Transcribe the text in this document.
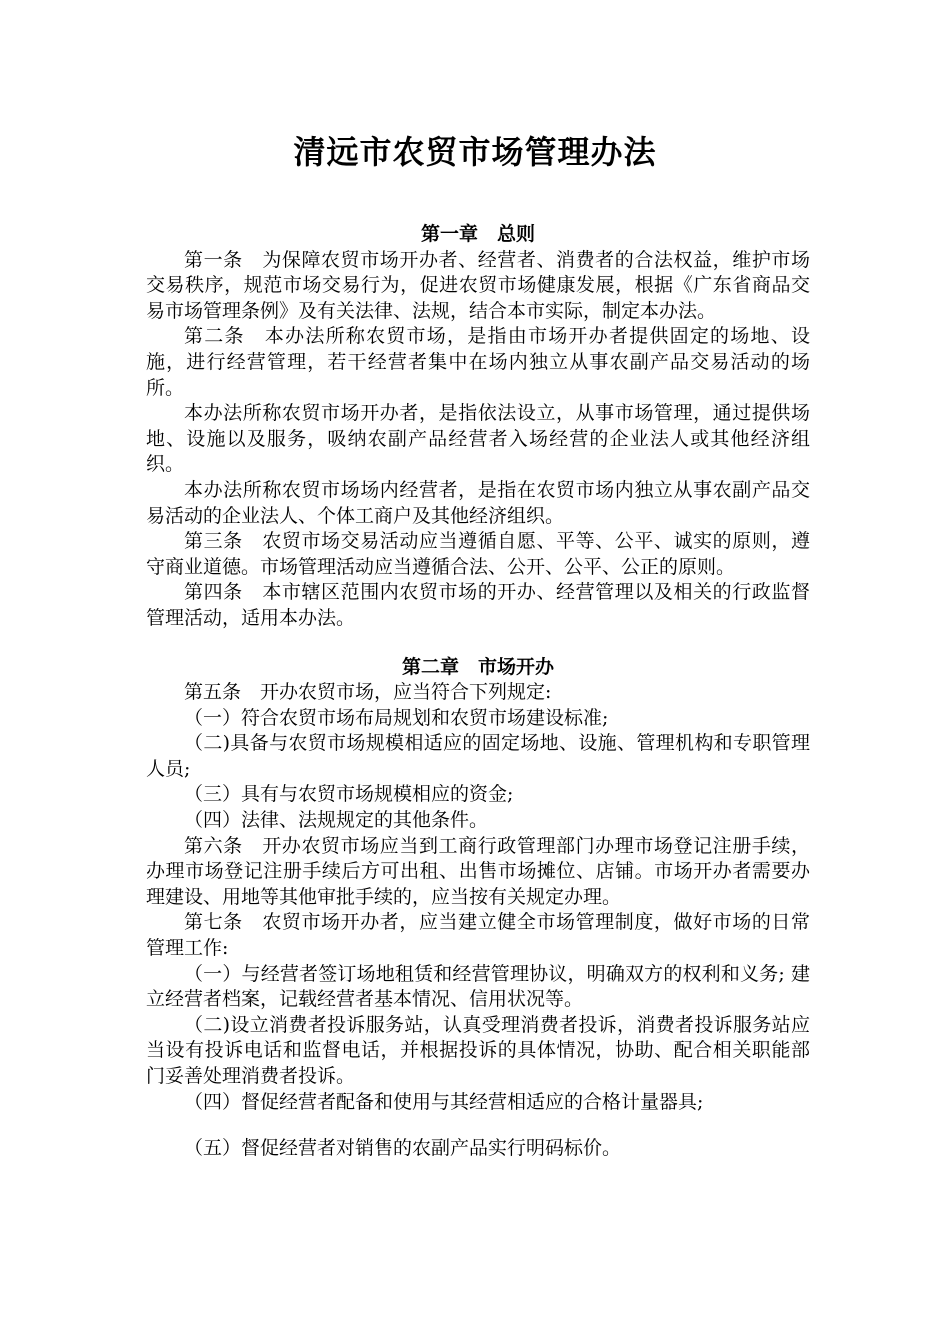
清远市农贸市场管理办法
第一章　总则

第一条　为保障农贸市场开办者、经营者、消费者的合法权益，维护市场交易秩序，规范市场交易行为，促进农贸市场健康发展，根据《广东省商品交易市场管理条例》及有关法律、法规，结合本市实际，制定本办法。

第二条　本办法所称农贸市场，是指由市场开办者提供固定的场地、设施，进行经营管理，若干经营者集中在场内独立从事农副产品交易活动的场所。

本办法所称农贸市场开办者，是指依法设立，从事市场管理，通过提供场地、设施以及服务，吸纳农副产品经营者入场经营的企业法人或其他经济组织。

本办法所称农贸市场场内经营者，是指在农贸市场内独立从事农副产品交易活动的企业法人、个体工商户及其他经济组织。

第三条　农贸市场交易活动应当遵循自愿、平等、公平、诚实的原则，遵守商业道德。市场管理活动应当遵循合法、公开、公平、公正的原则。

第四条　本市辖区范围内农贸市场的开办、经营管理以及相关的行政监督管理活动，适用本办法。

第二章　市场开办

第五条　开办农贸市场，应当符合下列规定:

（一）符合农贸市场布局规划和农贸市场建设标准;

（二)具备与农贸市场规模相适应的固定场地、设施、管理机构和专职管理人员;

（三）具有与农贸市场规模相应的资金;

（四）法律、法规规定的其他条件。

第六条　开办农贸市场应当到工商行政管理部门办理市场登记注册手续，办理市场登记注册手续后方可出租、出售市场摊位、店铺。市场开办者需要办理建设、用地等其他审批手续的，应当按有关规定办理。

第七条　农贸市场开办者，应当建立健全市场管理制度，做好市场的日常管理工作:

（一）与经营者签订场地租赁和经营管理协议，明确双方的权利和义务; 建立经营者档案，记载经营者基本情况、信用状况等。

（二)设立消费者投诉服务站，认真受理消费者投诉，消费者投诉服务站应当设有投诉电话和监督电话，并根据投诉的具体情况，协助、配合相关职能部门妥善处理消费者投诉。

（四）督促经营者配备和使用与其经营相适应的合格计量器具;

（五）督促经营者对销售的农副产品实行明码标价。
